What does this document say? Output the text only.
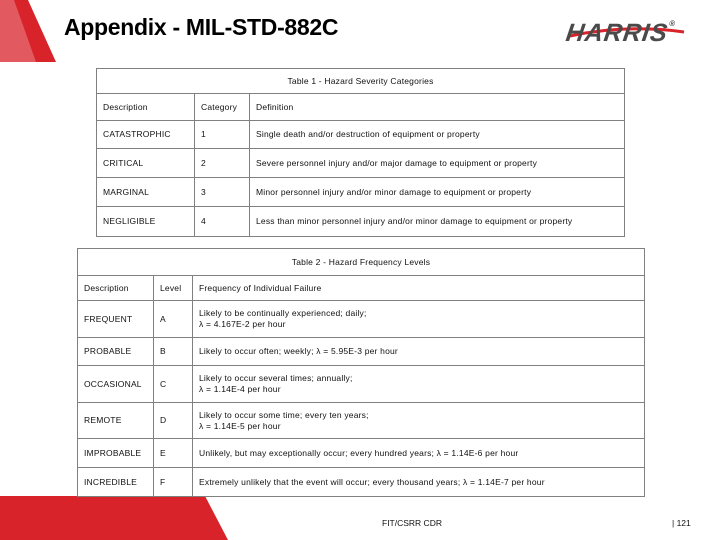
Appendix - MIL-STD-882C	HARRIS®
Table 1 - Hazard Severity Categories		
Description	Category	Definition
CATASTROPHIC	1	Single death and/or destruction of equipment or property
CRITICAL	2	Severe personnel injury and/or major damage to equipment or property
MARGINAL	3	Minor personnel injury and/or minor damage to equipment or property
NEGLIGIBLE	4	Less than minor personnel injury and/or minor damage to equipment or property
Table 2 - Hazard Frequency Levels		
Description	Level	Frequency of Individual Failure
FREQUENT	A	Likely to be continually experienced; daily;
λ = 4.167E-2 per hour

PROBABLE	B	Likely to occur often; weekly; λ = 5.95E-3 per hour

OCCASIONAL	C	Likely to occur several times; annually;
λ = 1.14E-4 per hour

REMOTE	D	Likely to occur some time; every ten years;
λ = 1.14E-5 per hour

IMPROBABLE	E	Unlikely, but may exceptionally occur; every hundred years; λ = 1.14E-6 per hour

INCREDIBLE	F	Extremely unlikely that the event will occur; every thousand years; λ = 1.14E-7 per hour
FIT/CSRR CDR	| 121
